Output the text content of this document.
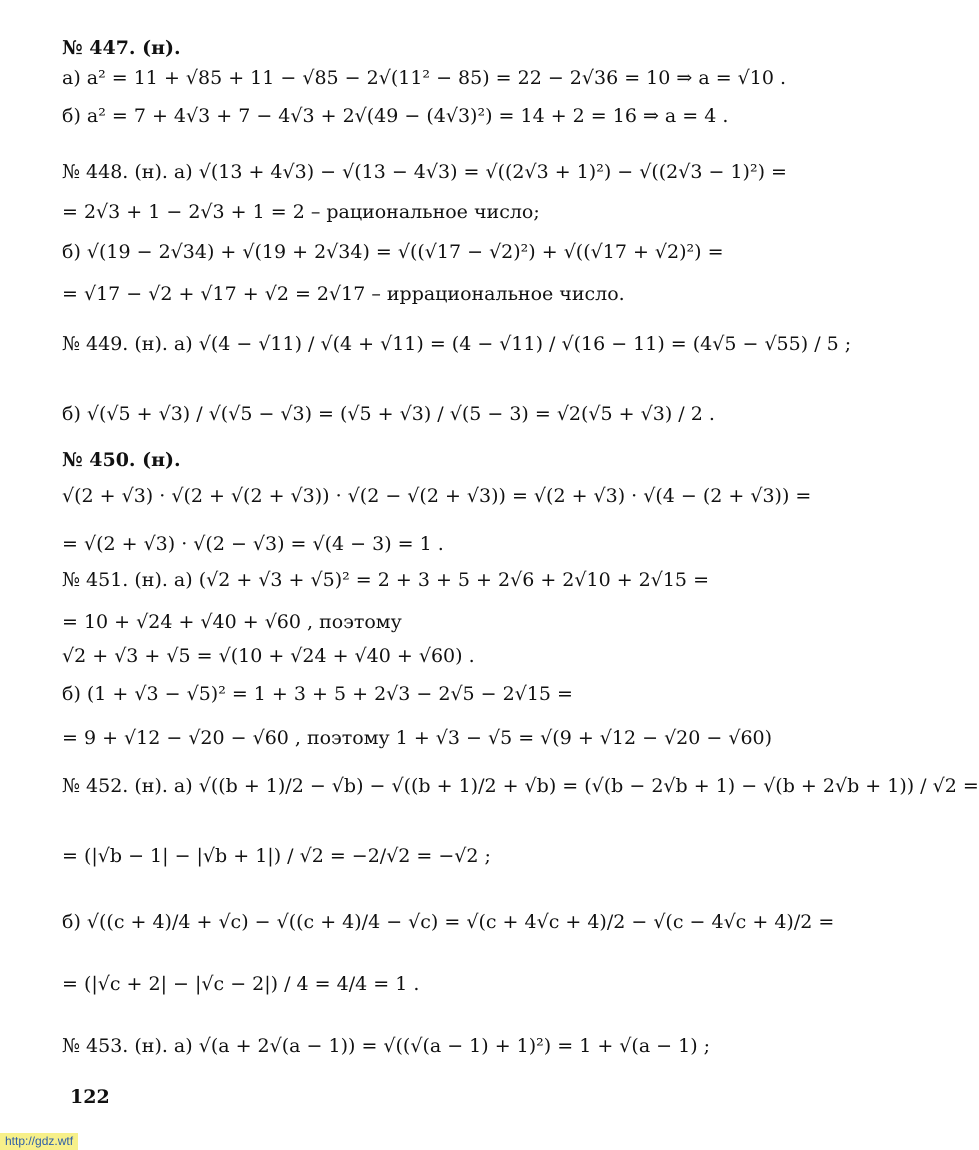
№ 447. (н).
а) a² = 11 + √85 + 11 − √85 − 2√(11² − 85) = 22 − 2√36 = 10 ⇒ a = √10 .
б) a² = 7 + 4√3 + 7 − 4√3 + 2√(49 − (4√3)²) = 14 + 2 = 16 ⇒ a = 4 .
№ 448. (н). а) √(13 + 4√3) − √(13 − 4√3) = √((2√3 + 1)²) − √((2√3 − 1)²) =
= 2√3 + 1 − 2√3 + 1 = 2 – рациональное число;
б) √(19 − 2√34) + √(19 + 2√34) = √((√17 − √2)²) + √((√17 + √2)²) =
= √17 − √2 + √17 + √2 = 2√17 – иррациональное число.
№ 449. (н). а) √(4 − √11) / √(4 + √11) = (4 − √11) / √(16 − 11) = (4√5 − √55) / 5 ;
б) √(√5 + √3) / √(√5 − √3) = (√5 + √3) / √(5 − 3) = √2(√5 + √3) / 2 .
№ 450. (н).
√(2 + √3) · √(2 + √(2 + √3)) · √(2 − √(2 + √3)) = √(2 + √3) · √(4 − (2 + √3)) =
= √(2 + √3) · √(2 − √3) = √(4 − 3) = 1 .
№ 451. (н). а) (√2 + √3 + √5)² = 2 + 3 + 5 + 2√6 + 2√10 + 2√15 =
= 10 + √24 + √40 + √60 , поэтому
√2 + √3 + √5 = √(10 + √24 + √40 + √60) .
б) (1 + √3 − √5)² = 1 + 3 + 5 + 2√3 − 2√5 − 2√15 =
= 9 + √12 − √20 − √60 , поэтому 1 + √3 − √5 = √(9 + √12 − √20 − √60)
№ 452. (н). а) √((b + 1)/2 − √b) − √((b + 1)/2 + √b) = (√(b − 2√b + 1) − √(b + 2√b + 1)) / √2 =
= (|√b − 1| − |√b + 1|) / √2 = −2/√2 = −√2 ;
б) √((c + 4)/4 + √c) − √((c + 4)/4 − √c) = √(c + 4√c + 4)/2 − √(c − 4√c + 4)/2 =
= (|√c + 2| − |√c − 2|) / 4 = 4/4 = 1 .
№ 453. (н). а) √(a + 2√(a − 1)) = √((√(a − 1) + 1)²) = 1 + √(a − 1) ;
122
http://gdz.wtf
